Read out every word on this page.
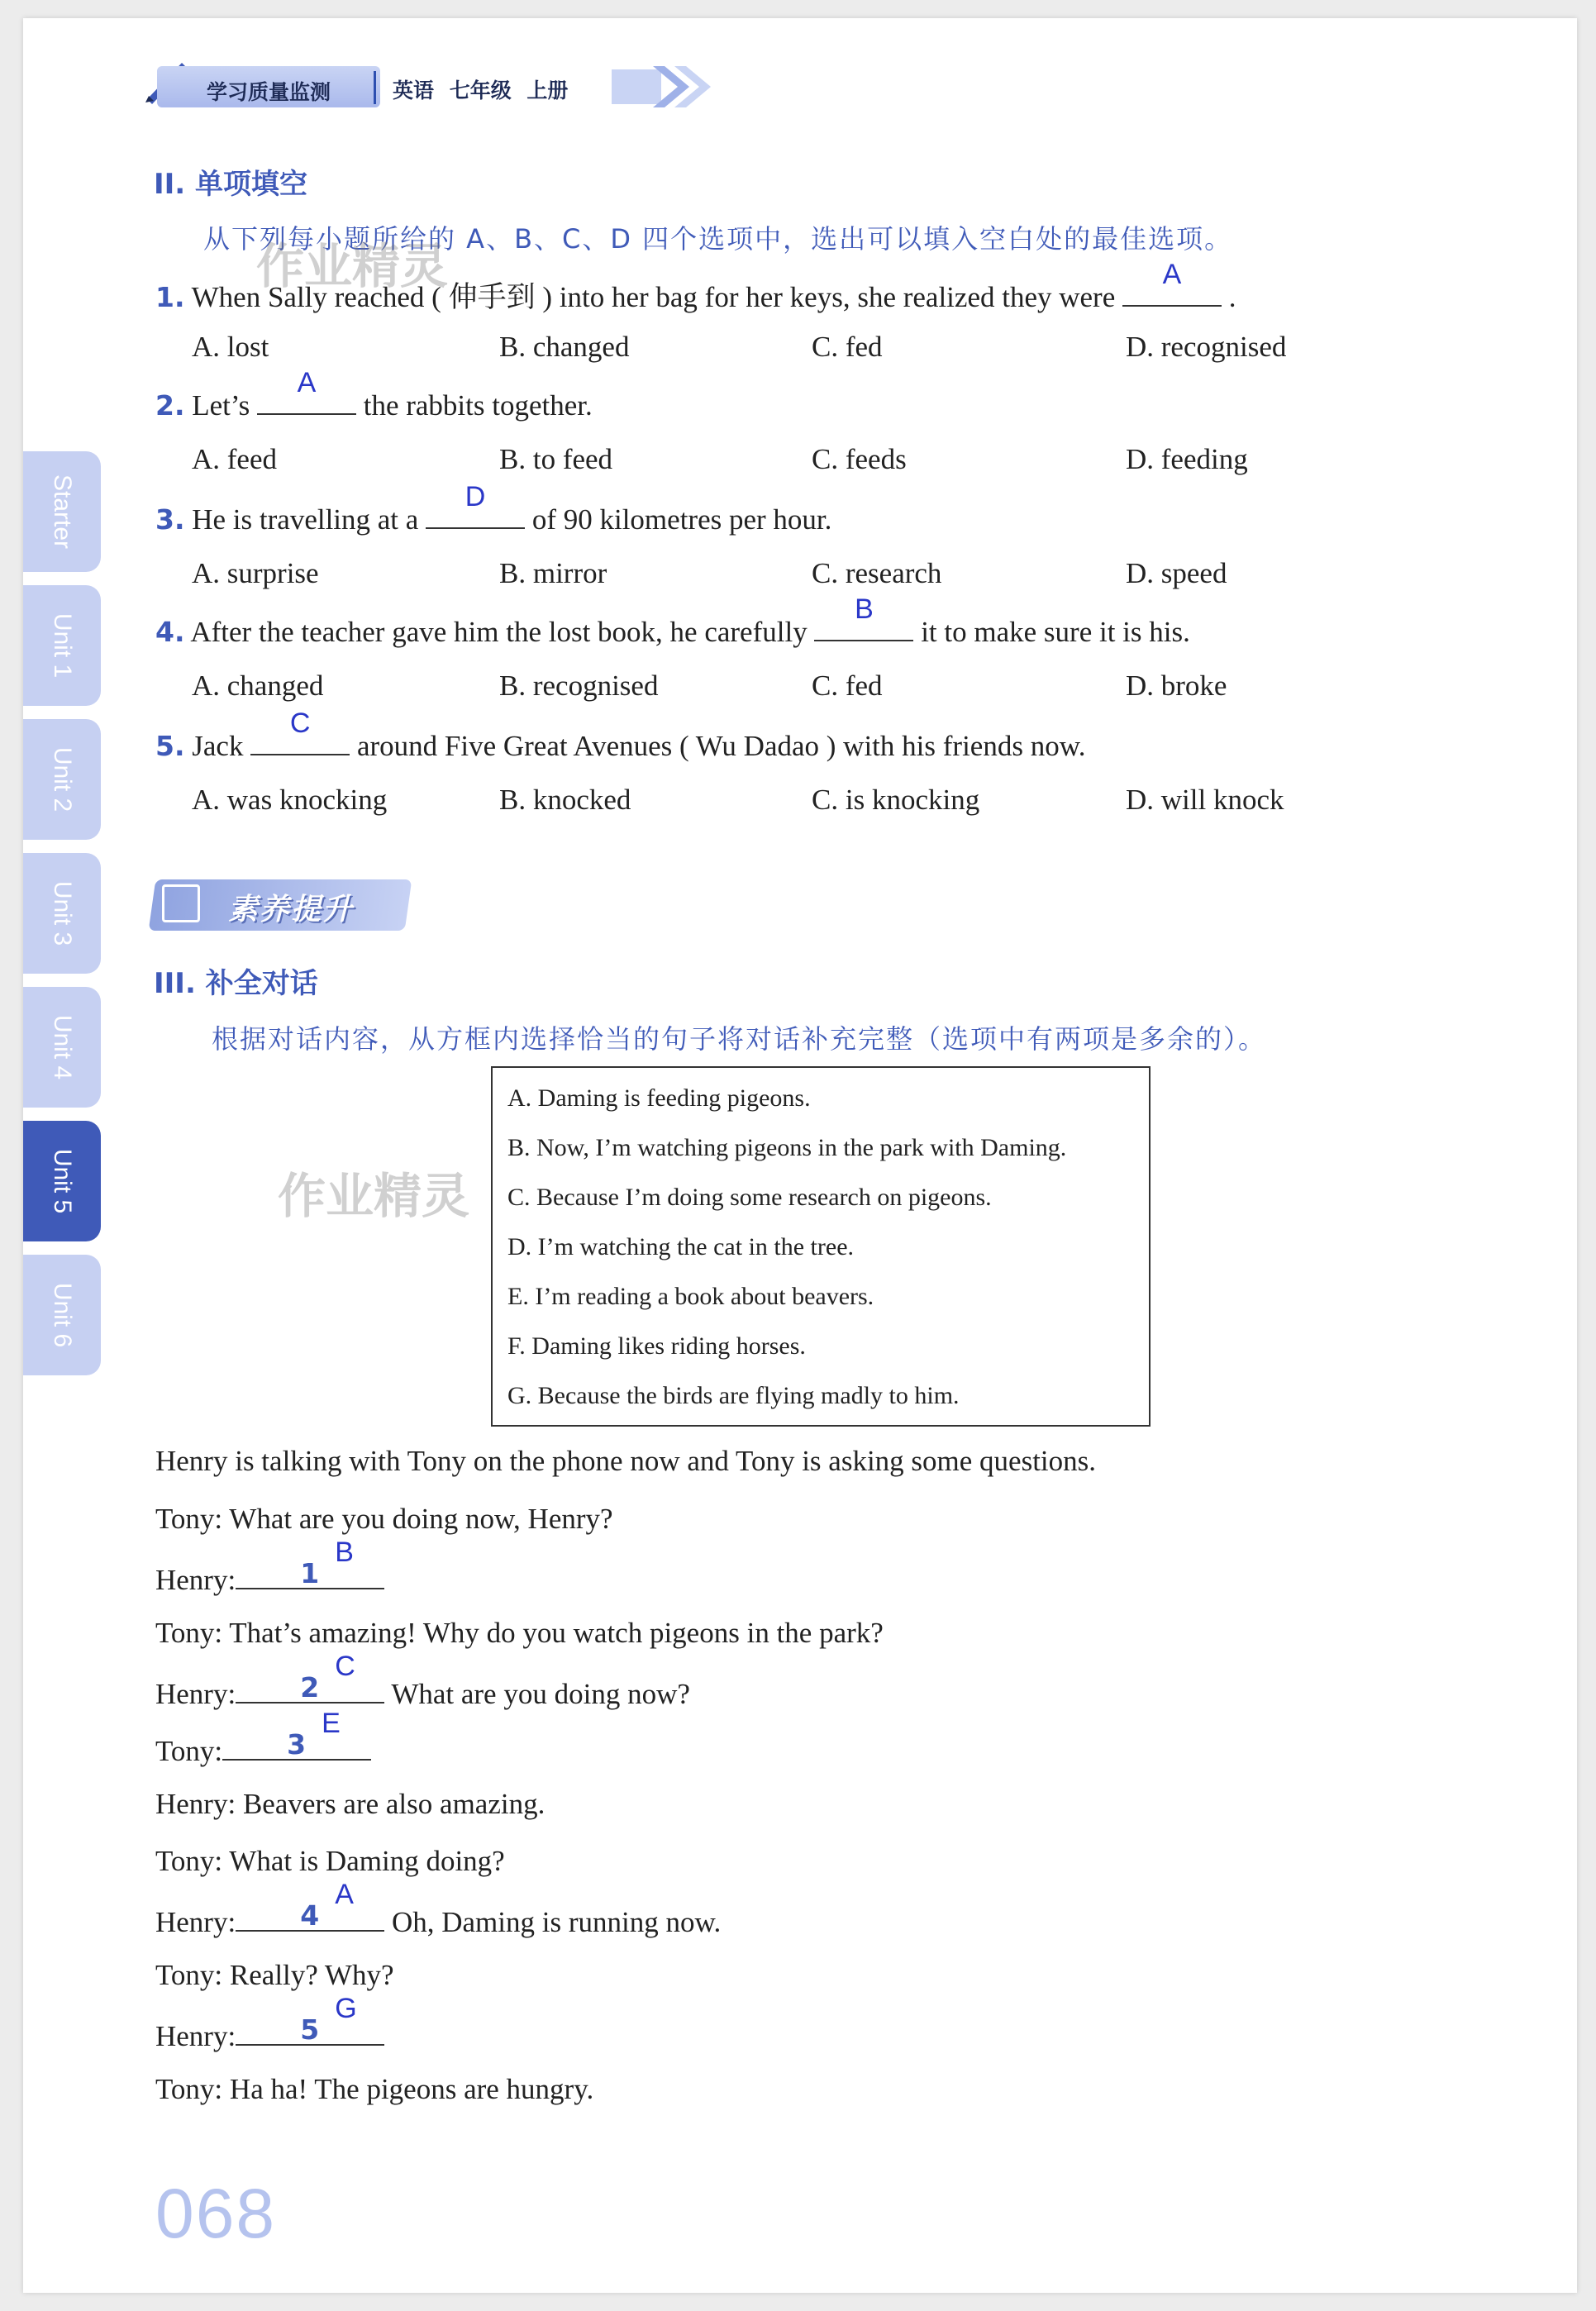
学习质量监测	英语 七年级 上册
II. 单项填空
从下列每小题所给的 A、B、C、D 四个选项中，选出可以填入空白处的最佳选项。
作业精灵
1. When Sally reached ( 伸手到 ) into her bag for her keys, she realized they were
A
.
A. lost	B. changed	C. fed	D. recognised
2. Let’s
A
the rabbits together.
A. feed	B. to feed	C. feeds	D. feeding
3. He is travelling at a
D
of 90 kilometres per hour.
A. surprise	B. mirror	C. research	D. speed
4. After the teacher gave him the lost book, he carefully
B
it to make sure it is his.
A. changed	B. recognised	C. fed	D. broke
5. Jack
C
around Five Great Avenues ( Wu Dadao ) with his friends now.
A. was knocking	B. knocked	C. is knocking	D. will knock
素养提升
III. 补全对话
根据对话内容，从方框内选择恰当的句子将对话补充完整（选项中有两项是多余的）。
A. Daming is feeding pigeons.
B. Now, I’m watching pigeons in the park with Daming.
C. Because I’m doing some research on pigeons.
D. I’m watching the cat in the tree.
E. I’m reading a book about beavers.
F. Daming likes riding horses.
G. Because the birds are flying madly to him.
作业精灵
Henry is talking with Tony on the phone now and Tony is asking some questions.
Tony: What are you doing now, Henry?
Henry: 1
B
Tony: That’s amazing! Why do you watch pigeons in the park?
Henry: 2
C
What are you doing now?
Tony: 3
E
Henry: Beavers are also amazing.
Tony: What is Daming doing?
Henry: 4
A
Oh, Daming is running now.
Tony: Really? Why?
Henry: 5
G
Tony: Ha ha! The pigeons are hungry.
Starter
Unit 1
Unit 2
Unit 3
Unit 4
Unit 5
Unit 6
068
